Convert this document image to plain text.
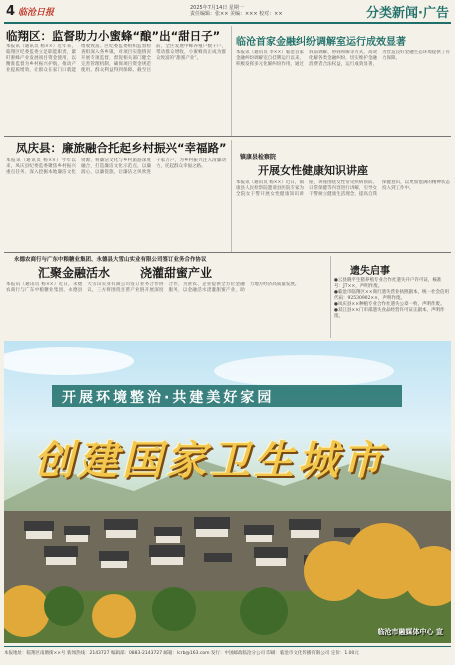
4 临沧日报	2025年7月14日 星期一
责任编辑：张×× 美编：××× 校对：××	分类新闻·广告
临翔区：监督助力小蜜蜂“酿”出“甜日子”
本报讯（通讯员 杨××）近年来，临翔区纪委监委立足职能职责，紧盯蜜蜂产业发展项目资金使用，以精准监督为乡村振兴护航，推动产业提质增效，让群众在家门口就能增收致富。区纪委监委组织监督检查组深入各乡镇，对项目实施情况开展专项监督，督促相关部门健全完善管理机制，确保项目资金规范使用、群众利益得到保障。截至目前，全区发展中蜂养殖户数千户，带动群众增收，小蜜蜂真正成为群众致富的“甜蜜产业”。
临沧首家金融纠纷调解室运行成效显著
本报讯（通讯员 李××）临沧首家金融纠纷调解室自挂牌运行以来，积极发挥多元化解纠纷作用，通过诉前调解、协商和解等方式，高效化解各类金融纠纷，切实维护金融消费者合法权益，运行成效显著，为营造良好金融生态环境提供了有力保障。
凤庆县：廉旅融合托起乡村振兴“幸福路”
本报讯（通讯员 杨××）今年以来，凤庆县纪委监委聚焦乡村振兴重点任务，深入挖掘本地廉洁文化资源，将廉洁文化与乡村旅游深度融合，打造廉洁文化示范点，以廉润心、以廉促旅，让廉洁之风吹进千家万户，为乡村振兴注入清廉动力，托起群众幸福之路。
镇康县检察院
开展女性健康知识讲座
本报讯（通讯员 杨××）近日，镇康县人民检察院邀请县医院专家为全院女干警开展女性健康知识讲座，讲座围绕女性常见疾病预防、日常保健等内容进行讲解，引导女干警树立健康生活理念，提高自我保健意识，以更加饱满的精神状态投入到工作中。
永德农商行与广东中粮糖业集团、永德县大雪山实业有限公司签订业务合作协议
汇聚金融活水 浇灌甜蜜产业
本报讯（通讯员 杨××）近日，永德农商行与广东中粮糖业集团、永德县大雪山实业有限公司签订业务合作协议，三方将围绕甘蔗产业链开展深度合作，为蔗农、企业提供全方位金融服务，以金融活水浇灌甜蜜产业，助力地方经济高质量发展。
遗失启事
●云县晓平生猪养殖专业合作社遗失开户许可证，核准号：J7××，声明作废。
●临沧市临翔区××商行遗失营业执照副本，统一社会信用代码：92530902××，声明作废。
●凤庆县××种植专业合作社遗失公章一枚，声明作废。
●双江县××门市部遗失食品经营许可证正副本，声明作废。
开展环境整治·共建美好家园
创建国家卫生城市
临沧市融媒体中心 宣
本报地址：临翔区南塘街××号 新闻热线：2143727 编辑部：0883-2143727 邮箱：lcrb@163.com 发行：中国邮政临沧分公司 印刷：临沧市文化传播有限公司 定价：1.00元
